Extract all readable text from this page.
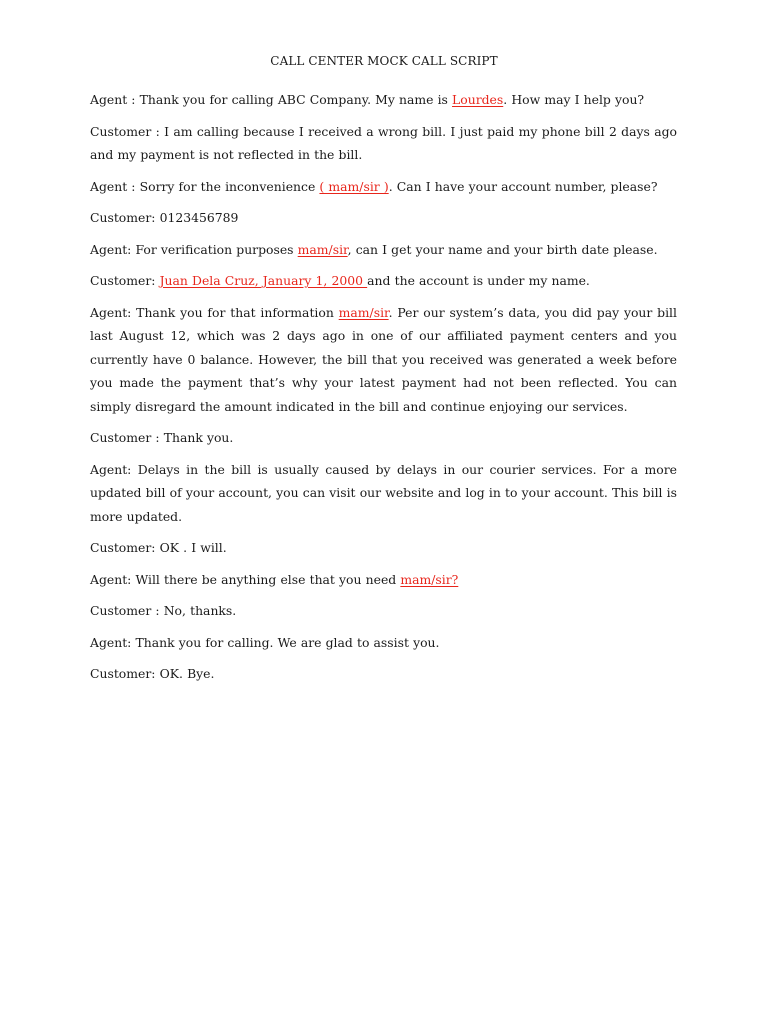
CALL CENTER MOCK CALL SCRIPT

Agent : Thank you for calling ABC Company. My name is Lourdes. How may I help you?

Customer : I am calling because I received a wrong bill. I just paid my phone bill 2 days ago and my payment is not reflected in the bill.

Agent : Sorry for the inconvenience ( mam/sir ). Can I have your account number, please?

Customer: 0123456789

Agent: For verification purposes mam/sir, can I get your name and your birth date please.

Customer: Juan Dela Cruz, January 1, 2000 and the account is under my name.

Agent: Thank you for that information mam/sir. Per our system’s data, you did pay your bill last August 12, which was 2 days ago in one of our affiliated payment centers and you currently have 0 balance. However, the bill that you received was generated a week before you made the payment that’s why your latest payment had not been reflected. You can simply disregard the amount indicated in the bill and continue enjoying our services.

Customer : Thank you.

Agent: Delays in the bill is usually caused by delays in our courier services. For a more updated bill of your account, you can visit our website and log in to your account. This bill is more updated.

Customer: OK . I will.

Agent: Will there be anything else that you need mam/sir?

Customer : No, thanks.

Agent: Thank you for calling. We are glad to assist you.

Customer: OK. Bye.
